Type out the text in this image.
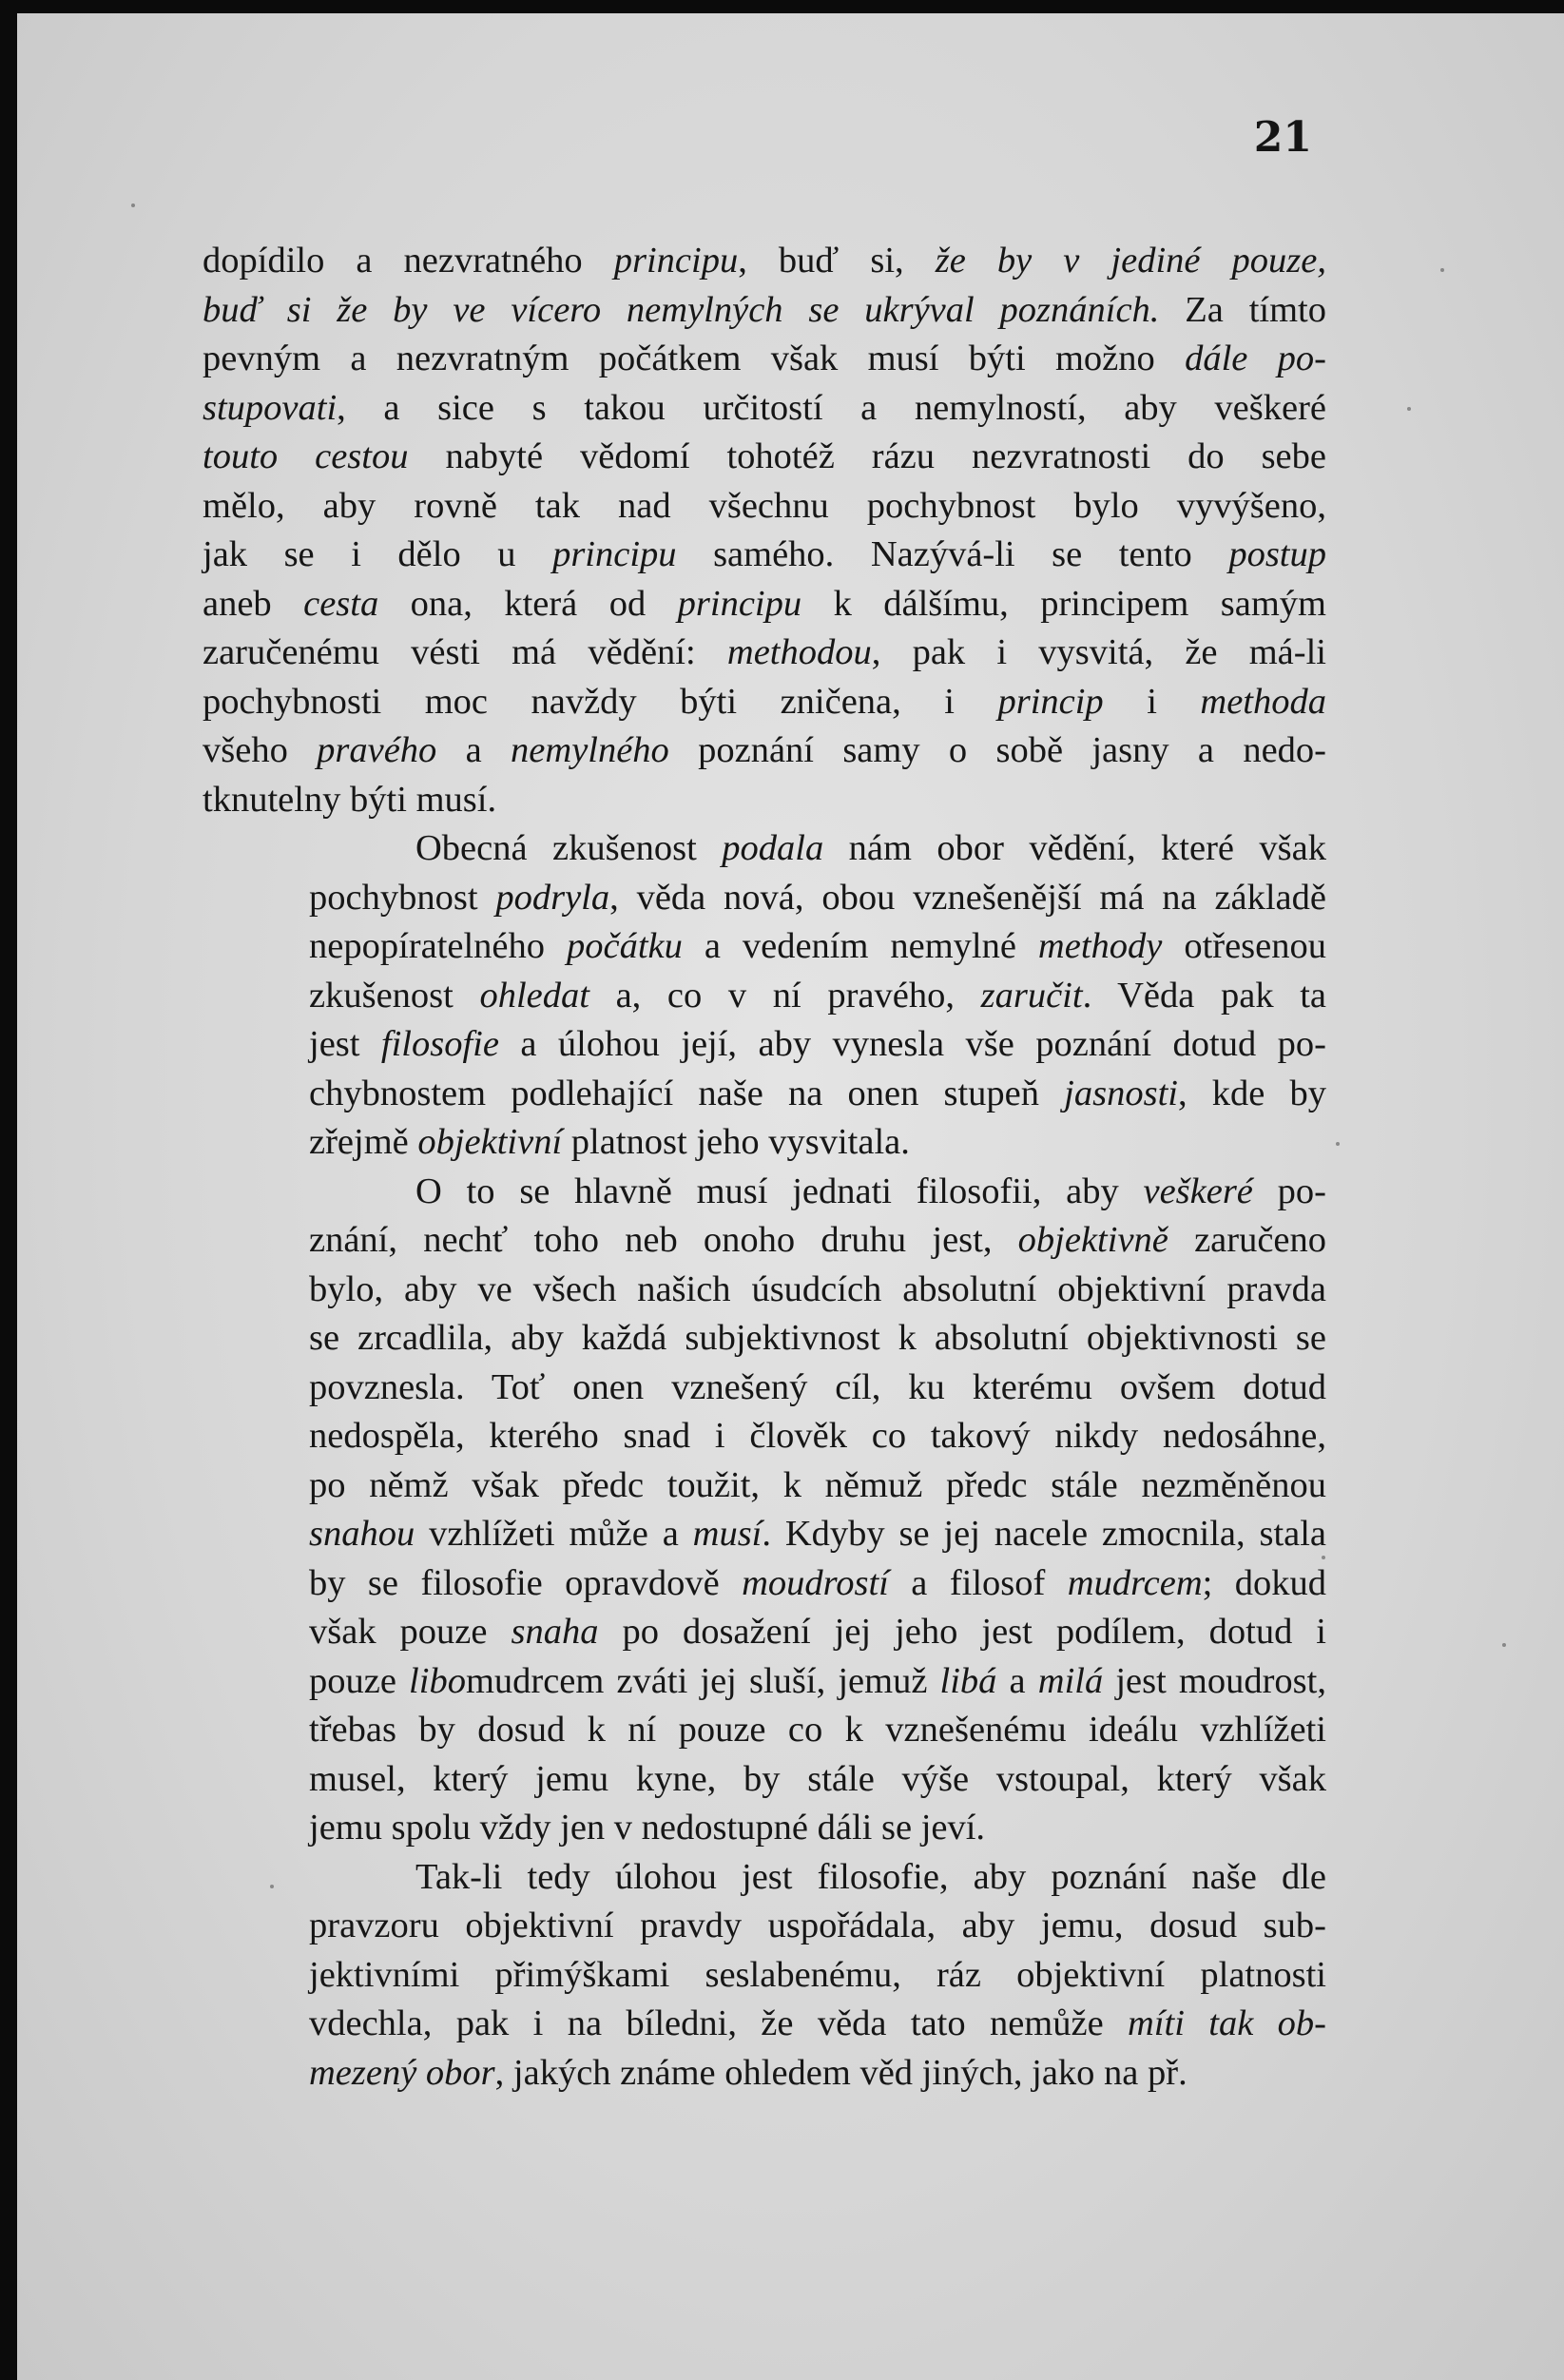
21
dopídilo a nezvratného principu, buď si, že by v jediné pouze,
buď si že by ve vícero nemylných se ukrýval poznáních. Za tímto
pevným a nezvratným počátkem však musí býti možno dále po-
stupovati, a sice s takou určitostí a nemylností, aby veškeré
touto cestou nabyté vědomí tohotéž rázu nezvratnosti do sebe
mělo, aby rovně tak nad všechnu pochybnost bylo vyvýšeno,
jak se i dělo u principu samého. Nazývá-li se tento postup
aneb cesta ona, která od principu k dálšímu, principem samým
zaručenému vésti má vědění: methodou, pak i vysvitá, že má-li
pochybnosti moc navždy býti zničena, i princip i methoda
všeho pravého a nemylného poznání samy o sobě jasny a nedo-
tknutelny býti musí.
Obecná zkušenost podala nám obor vědění, které však
pochybnost podryla, věda nová, obou vznešenější má na základě
nepopíratelného počátku a vedením nemylné methody otřesenou
zkušenost ohledat a, co v ní pravého, zaručit. Věda pak ta
jest filosofie a úlohou její, aby vynesla vše poznání dotud po-
chybnostem podlehající naše na onen stupeň jasnosti, kde by
zřejmě objektivní platnost jeho vysvitala.
O to se hlavně musí jednati filosofii, aby veškeré po-
znání, nechť toho neb onoho druhu jest, objektivně zaručeno
bylo, aby ve všech našich úsudcích absolutní objektivní pravda
se zrcadlila, aby každá subjektivnost k absolutní objektivnosti se
povznesla. Toť onen vznešený cíl, ku kterému ovšem dotud
nedospěla, kterého snad i člověk co takový nikdy nedosáhne,
po němž však předc toužit, k němuž předc stále nezměněnou
snahou vzhlížeti může a musí. Kdyby se jej nacele zmocnila, stala
by se filosofie opravdově moudrostí a filosof mudrcem; dokud
však pouze snaha po dosažení jej jeho jest podílem, dotud i
pouze libomudrcem zváti jej sluší, jemuž libá a milá jest moudrost,
třebas by dosud k ní pouze co k vznešenému ideálu vzhlížeti
musel, který jemu kyne, by stále výše vstoupal, který však
jemu spolu vždy jen v nedostupné dáli se jeví.
Tak-li tedy úlohou jest filosofie, aby poznání naše dle
pravzoru objektivní pravdy uspořádala, aby jemu, dosud sub-
jektivními přimýškami seslabenému, ráz objektivní platnosti
vdechla, pak i na bíledni, že věda tato nemůže míti tak ob-
mezený obor, jakých známe ohledem věd jiných, jako na př.
